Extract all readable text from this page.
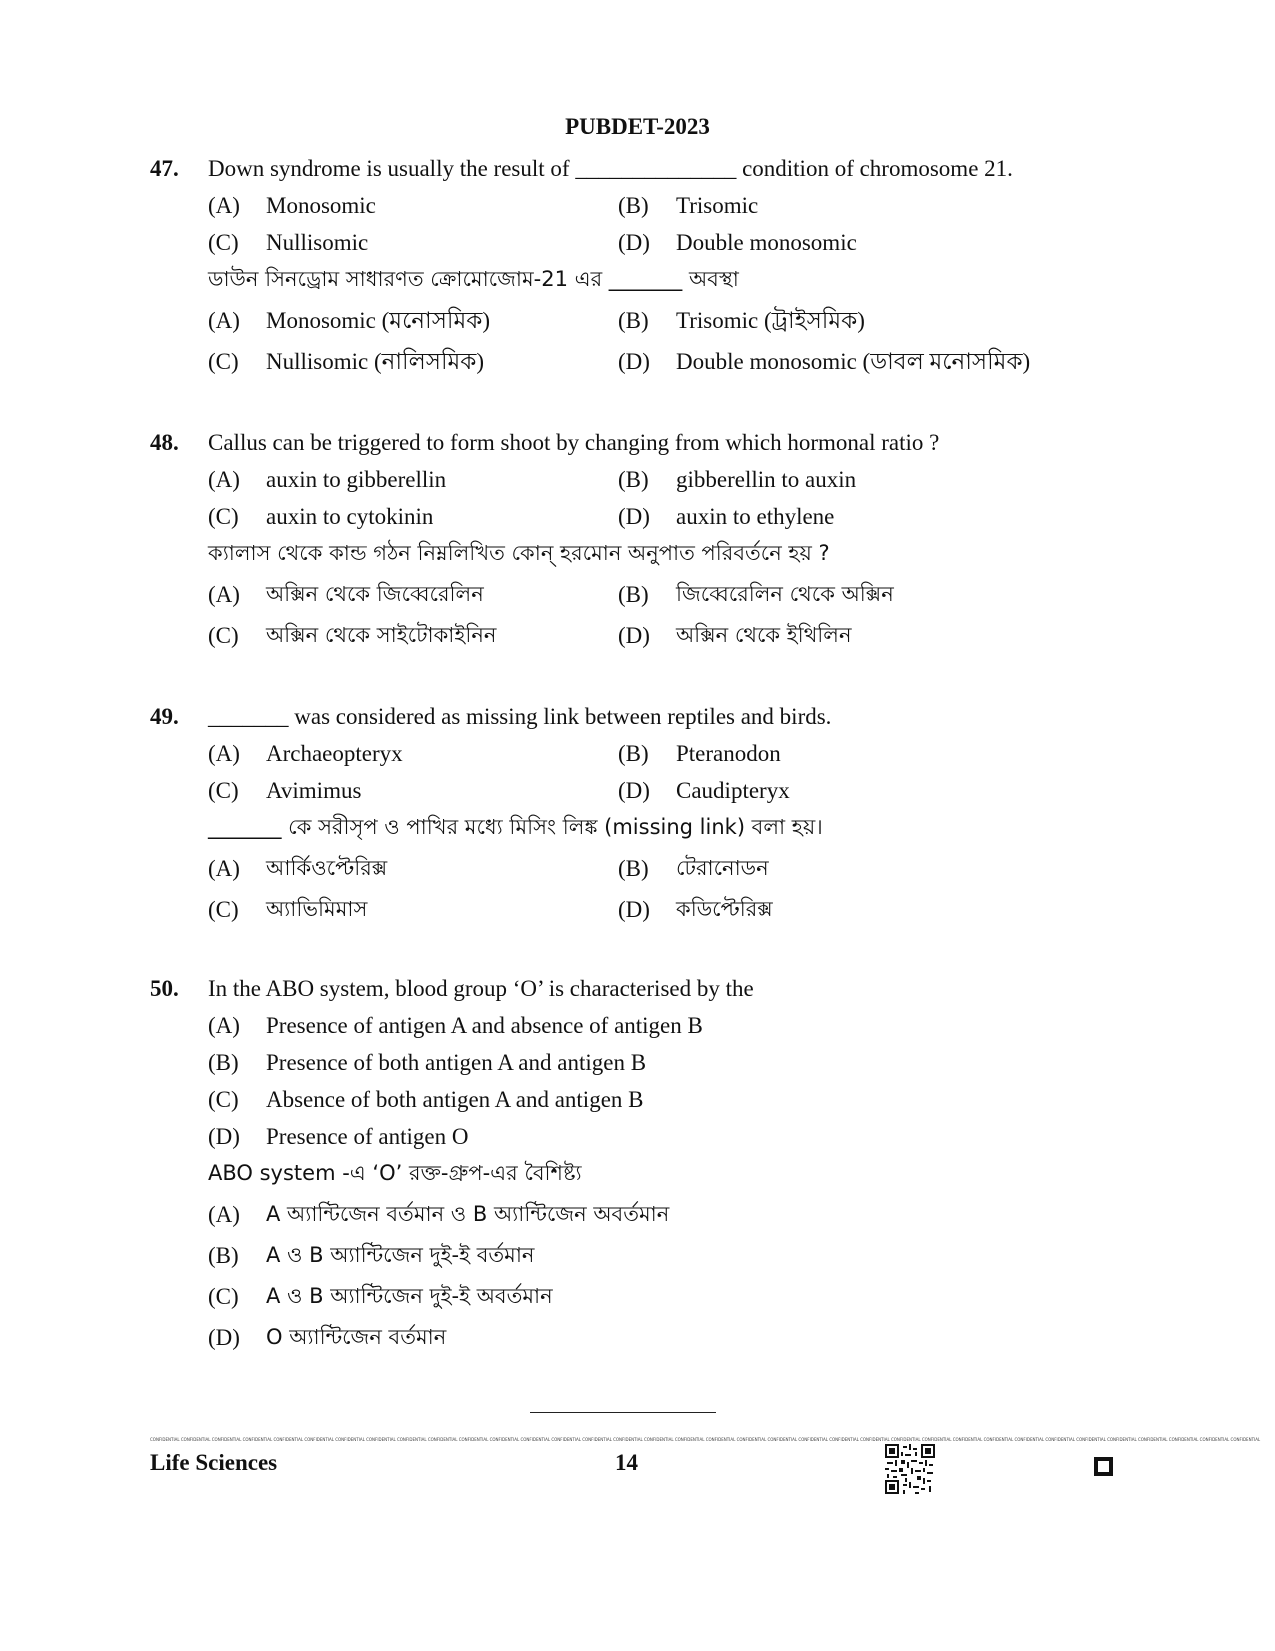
PUBDET-2023
47. Down syndrome is usually the result of ______________ condition of chromosome 21.
(A) Monosomic	(B) Trisomic
(C) Nullisomic	(D) Double monosomic
ডাউন সিনড্রোম সাধারণত ক্রোমোজোম-21 এর _______ অবস্থা
(A) Monosomic (মনোসমিক)	(B) Trisomic (ট্রাইসমিক)
(C) Nullisomic (নালিসমিক)	(D) Double monosomic (ডাবল মনোসমিক)
48. Callus can be triggered to form shoot by changing from which hormonal ratio ?
(A) auxin to gibberellin	(B) gibberellin to auxin
(C) auxin to cytokinin	(D) auxin to ethylene
ক্যালাস থেকে কান্ড গঠন নিম্নলিখিত কোন্ হরমোন অনুপাত পরিবর্তনে হয় ?
(A) অক্সিন থেকে জিব্বেরেলিন	(B) জিব্বেরেলিন থেকে অক্সিন
(C) অক্সিন থেকে সাইটোকাইনিন	(D) অক্সিন থেকে ইথিলিন
49. _______ was considered as missing link between reptiles and birds.
(A) Archaeopteryx	(B) Pteranodon
(C) Avimimus	(D) Caudipteryx
_______ কে সরীসৃপ ও পাখির মধ্যে মিসিং লিঙ্ক (missing link) বলা হয়।
(A) আর্কিওপ্টেরিক্স	(B) টেরানোডন
(C) অ্যাভিমিমাস	(D) কডিপ্টেরিক্স
50. In the ABO system, blood group ‘O’ is characterised by the
(A) Presence of antigen A and absence of antigen B
(B) Presence of both antigen A and antigen B
(C) Absence of both antigen A and antigen B
(D) Presence of antigen O
ABO system -এ ‘O’ রক্ত-গ্রুপ-এর বৈশিষ্ট্য
(A) A অ্যান্টিজেন বর্তমান ও B অ্যান্টিজেন অবর্তমান
(B) A ও B অ্যান্টিজেন দুই-ই বর্তমান
(C) A ও B অ্যান্টিজেন দুই-ই অবর্তমান
(D) O অ্যান্টিজেন বর্তমান
CONFIDENTIAL CONFIDENTIAL CONFIDENTIAL CONFIDENTIAL CONFIDENTIAL CONFIDENTIAL CONFIDENTIAL CONFIDENTIAL CONFIDENTIAL CONFIDENTIAL CONFIDENTIAL CONFIDENTIAL CONFIDENTIAL CONFIDENTIAL CONFIDENTIAL CONFIDENTIAL CONFIDENTIAL CONFIDENTIAL CONFIDENTIAL CONFIDENTIAL CONFIDENTIAL CONFIDENTIAL CONFIDENTIAL CONFIDENTIAL CONFIDENTIAL CONFIDENTIAL CONFIDENTIAL CONFIDENTIAL CONFIDENTIAL CONFIDENTIAL CONFIDENTIAL CONFIDENTIAL CONFIDENTIAL CONFIDENTIAL CONFIDENTIAL CONFIDENTIAL
Life Sciences	14
